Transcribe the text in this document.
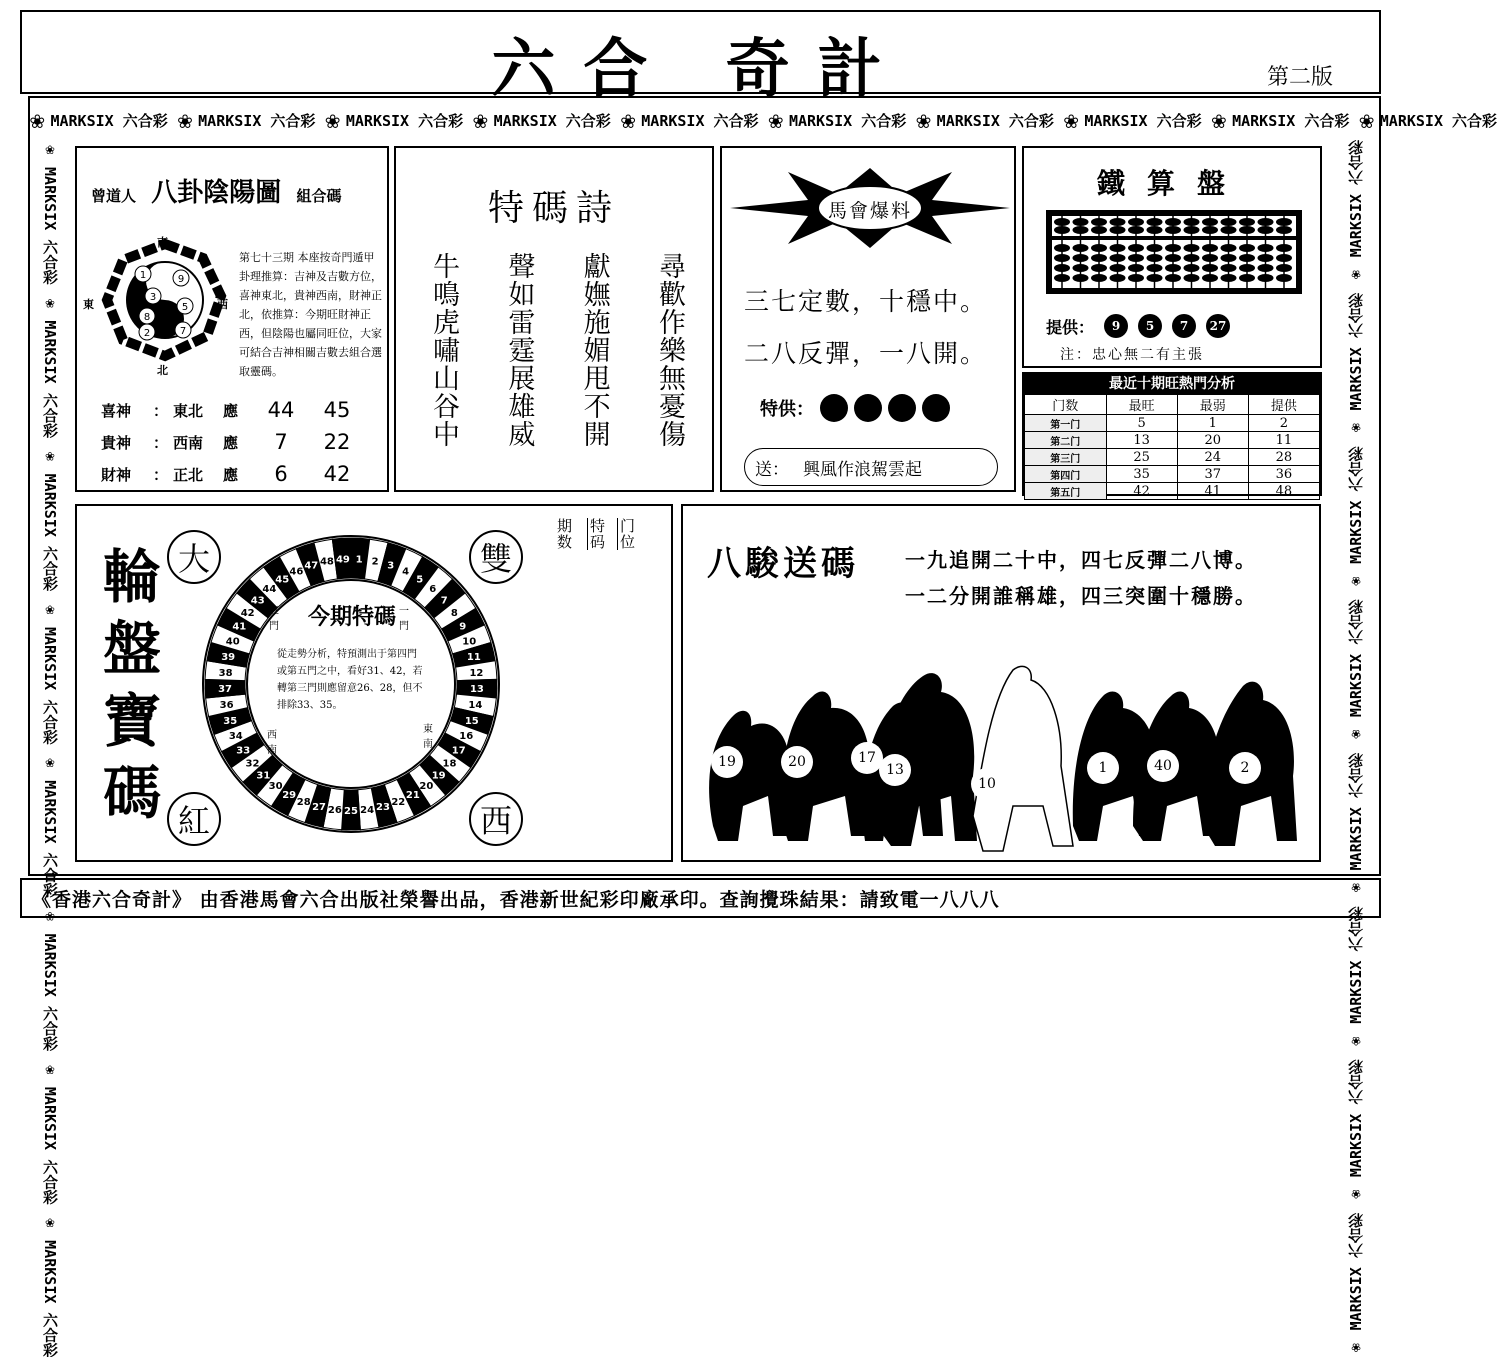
六合 奇計	第二版
❀ MARKSIX 六合彩 ❀ MARKSIX 六合彩 ❀ MARKSIX 六合彩 ❀ MARKSIX 六合彩 ❀ MARKSIX 六合彩 ❀ MARKSIX 六合彩 ❀ MARKSIX 六合彩 ❀ MARKSIX 六合彩 ❀ MARKSIX 六合彩 ❀ MARKSIX 六合彩
❀ MARKSIX 六合彩 ❀ MARKSIX 六合彩 ❀ MARKSIX 六合彩 ❀ MARKSIX 六合彩 ❀ MARKSIX 六合彩 ❀ MARKSIX 六合彩 ❀ MARKSIX 六合彩 ❀ MARKSIX 六合彩	❀ MARKSIX 六合彩 ❀ MARKSIX 六合彩 ❀ MARKSIX 六合彩 ❀ MARKSIX 六合彩 ❀ MARKSIX 六合彩 ❀ MARKSIX 六合彩 ❀ MARKSIX 六合彩 ❀ MARKSIX 六合彩
曾道人 八卦陰陽圖 組合碼
1	9
3
8
5
2	7
南
北
東	西
第七十三期 本座按奇門遁甲卦理推算：吉神及吉數方位，喜神東北，貴神西南，財神正北，依推算：今期旺財神正西，但陰陽也屬同旺位，大家可結合吉神相關吉數去組合選取靈碼。
喜神	： 東北	應	44	45
貴神	： 西南	應	7	22
財神	： 正北	應	6	42
特碼詩
牛鳴虎嘯山谷中 聲如雷霆展雄威 獻嫵施媚甩不開 尋歡作樂無憂傷
馬會爆料
三七定數，十穩中。
二八反彈，一八開。
特供：
送： 興風作浪駕雲起
鐵算盤
提供：	9	5	7	27
注：忠心無二有主張
最近十期旺熱門分析
门数	最旺	最弱	提供
第一门	5	1	2
第二门	13	20	11
第三门	25	24	28
第四门	35	37	36
第五门	42	41	48
輪盤寶碼 大	雙
紅	西
期数
特码
门位
1 2 3
4
5
6
7
8
9
10
11
12
13
14
15
16
17
18
19
20
21
22
23
24
25
26
27
28
29
30
31
32
33
34
35
36
37
38
39
40
41
42
43
44
45
46
47 48 49
今期特碼
從走勢分析，特預測出于第四門或第五門之中，看好31、42，若轉第三門則應留意26、28，但不排除33、35。
五門
一門
西南
東南
八駿送碼 一九追開二十中，四七反彈二八博。
一二分開誰稱雄，四三突圍十穩勝。
19	20	17
13
10
1	40	2
《香港六合奇計》 由香港馬會六合出版社榮譽出品，香港新世紀彩印廠承印。查詢攪珠結果：請致電一八八八
